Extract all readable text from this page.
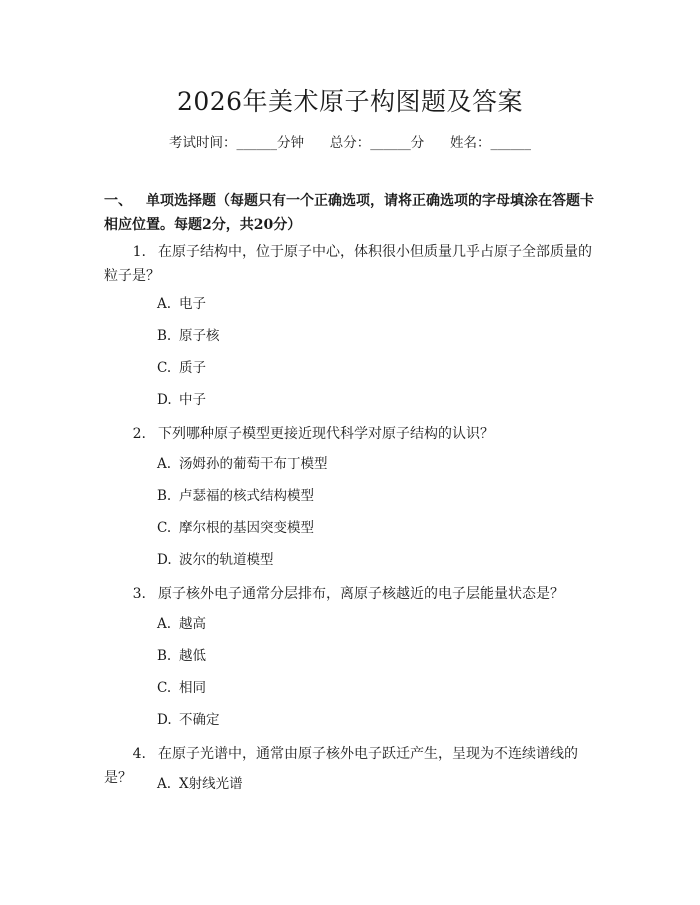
2026年美术原子构图题及答案
考试时间：______分钟      总分：______分      姓名：______
一、 单项选择题（每题只有一个正确选项，请将正确选项的字母填涂在答题卡相应位置。每题2分，共20分）
1. 在原子结构中，位于原子中心，体积很小但质量几乎占原子全部质量的粒子是？
A. 电子
B. 原子核
C. 质子
D. 中子
2. 下列哪种原子模型更接近现代科学对原子结构的认识？
A. 汤姆孙的葡萄干布丁模型
B. 卢瑟福的核式结构模型
C. 摩尔根的基因突变模型
D. 波尔的轨道模型
3. 原子核外电子通常分层排布，离原子核越近的电子层能量状态是？
A. 越高
B. 越低
C. 相同
D. 不确定
4. 在原子光谱中，通常由原子核外电子跃迁产生，呈现为不连续谱线的是？	A. X射线光谱
